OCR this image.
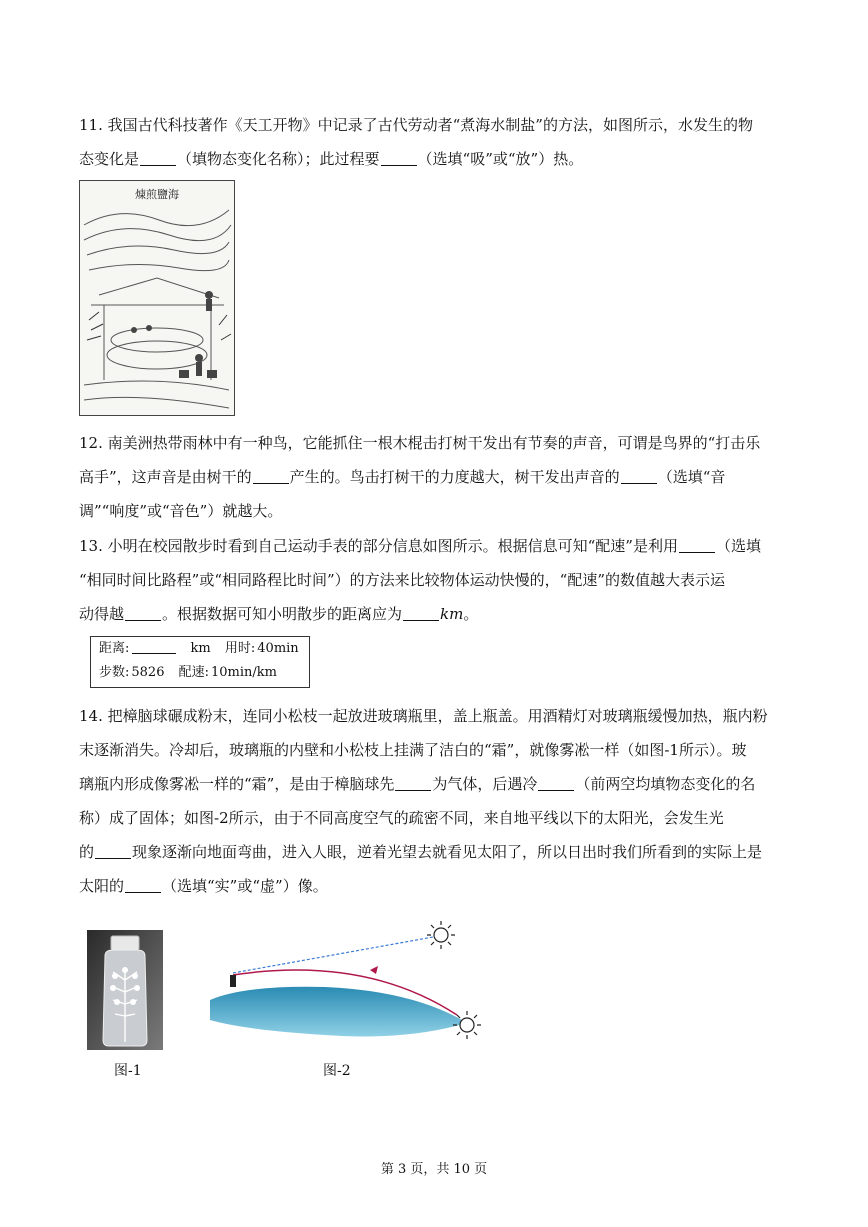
11. 我国古代科技著作《天工开物》中记录了古代劳动者“煮海水制盐”的方法，如图所示，水发生的物
态变化是	（填物态变化名称）；此过程要	（选填“吸”或“放”）热。
煉煎鹽海
12. 南美洲热带雨林中有一种鸟，它能抓住一根木棍击打树干发出有节奏的声音，可谓是鸟界的“打击乐
高手”，这声音是由树干的	产生的。鸟击打树干的力度越大，树干发出声音的	（选填“音
调”“响度”或“音色”）就越大。
13. 小明在校园散步时看到自己运动手表的部分信息如图所示。根据信息可知“配速”是利用	（选填
“相同时间比路程”或“相同路程比时间”）的方法来比较物体运动快慢的，“配速”的数值越大表示运
动得越	。根据数据可知小明散步的距离应为	km。
距离:	km 用时: 40min
步数: 5826 配速: 10min/km
14. 把樟脑球碾成粉末，连同小松枝一起放进玻璃瓶里，盖上瓶盖。用酒精灯对玻璃瓶缓慢加热，瓶内粉
末逐渐消失。冷却后，玻璃瓶的内壁和小松枝上挂满了洁白的“霜”，就像雾凇一样（如图-1所示）。玻
璃瓶内形成像雾凇一样的“霜”，是由于樟脑球先	为气体，后遇冷	（前两空均填物态变化的名
称）成了固体；如图-2所示，由于不同高度空气的疏密不同，来自地平线以下的太阳光，会发生光
的	现象逐渐向地面弯曲，进入人眼，逆着光望去就看见太阳了，所以日出时我们所看到的实际上是
太阳的	（选填“实”或“虚”）像。
图-1	图-2
第 3 页，共 10 页
